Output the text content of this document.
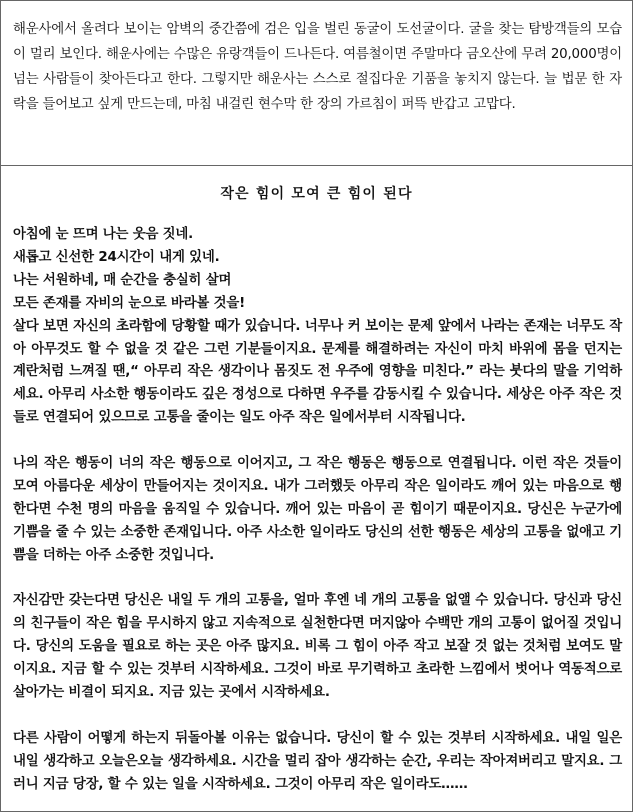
해운사에서 올려다 보이는 암벽의 중간쯤에 검은 입을 벌린 동굴이 도선굴이다. 굴을 찾는 탐방객들의 모습이 멀리 보인다. 해운사에는 수많은 유랑객들이 드나든다. 여름철이면 주말마다 금오산에 무려 20,000명이 넘는 사람들이 찾아든다고 한다. 그렇지만 해운사는 스스로 절집다운 기품을 놓치지 않는다. 늘 법문 한 자락을 들어보고 싶게 만드는데, 마침 내걸린 현수막 한 장의 가르침이 퍼뜩 반갑고 고맙다.

작은 힘이 모여 큰 힘이 된다

아침에 눈 뜨며 나는 웃음 짓네.

새롭고 신선한 24시간이 내게 있네.

나는 서원하네, 매 순간을 충실히 살며

모든 존재를 자비의 눈으로 바라볼 것을!

살다 보면 자신의 초라함에 당황할 때가 있습니다. 너무나 커 보이는 문제 앞에서 나라는 존재는 너무도 작아 아무것도 할 수 없을 것 같은 그런 기분들이지요. 문제를 해결하려는 자신이 마치 바위에 몸을 던지는 계란처럼 느껴질 땐,“ 아무리 작은 생각이나 몸짓도 전 우주에 영향을 미친다.” 라는 붓다의 말을 기억하세요. 아무리 사소한 행동이라도 깊은 정성으로 다하면 우주를 감동시킬 수 있습니다. 세상은 아주 작은 것들로 연결되어 있으므로 고통을 줄이는 일도 아주 작은 일에서부터 시작됩니다.

나의 작은 행동이 너의 작은 행동으로 이어지고, 그 작은 행동은 행동으로 연결됩니다. 이런 작은 것들이 모여 아름다운 세상이 만들어지는 것이지요. 내가 그러했듯 아무리 작은 일이라도 깨어 있는 마음으로 행한다면 수천 명의 마음을 움직일 수 있습니다. 깨어 있는 마음이 곧 힘이기 때문이지요. 당신은 누군가에 기쁨을 줄 수 있는 소중한 존재입니다. 아주 사소한 일이라도 당신의 선한 행동은 세상의 고통을 없애고 기쁨을 더하는 아주 소중한 것입니다.

자신감만 갖는다면 당신은 내일 두 개의 고통을, 얼마 후엔 네 개의 고통을 없앨 수 있습니다. 당신과 당신의 친구들이 작은 힘을 무시하지 않고 지속적으로 실천한다면 머지않아 수백만 개의 고통이 없어질 것입니다. 당신의 도움을 필요로 하는 곳은 아주 많지요. 비록 그 힘이 아주 작고 보잘 것 없는 것처럼 보여도 말이지요. 지금 할 수 있는 것부터 시작하세요. 그것이 바로 무기력하고 초라한 느낌에서 벗어나 역동적으로 살아가는 비결이 되지요. 지금 있는 곳에서 시작하세요.

다른 사람이 어떻게 하는지 뒤돌아볼 이유는 없습니다. 당신이 할 수 있는 것부터 시작하세요. 내일 일은 내일 생각하고 오늘은오늘 생각하세요. 시간을 멀리 잡아 생각하는 순간, 우리는 작아져버리고 말지요. 그러니 지금 당장, 할 수 있는 일을 시작하세요. 그것이 아무리 작은 일이라도……
